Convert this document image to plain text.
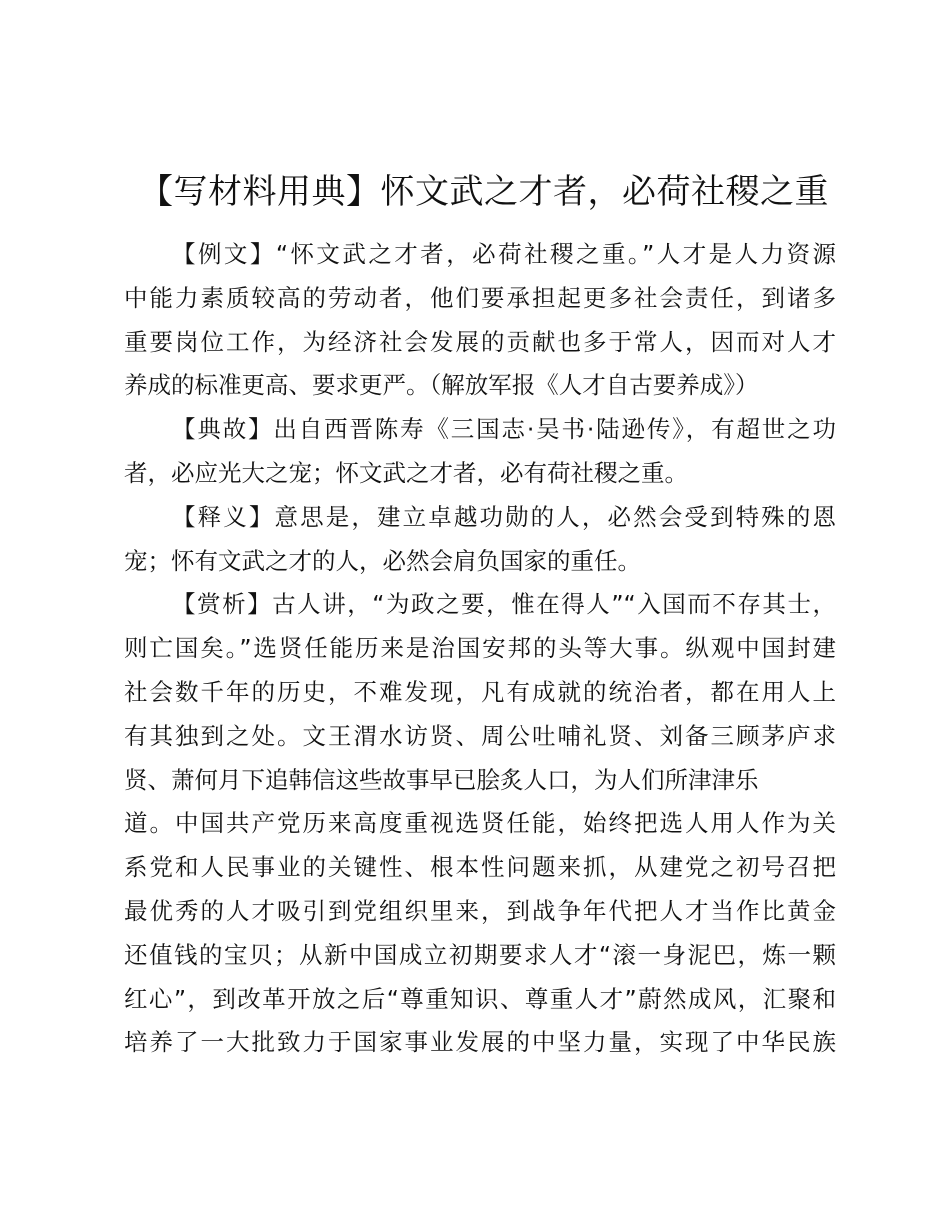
【写材料用典】怀文武之才者，必荷社稷之重
【例文】“怀文武之才者，必荷社稷之重。”人才是人力资源
中能力素质较高的劳动者，他们要承担起更多社会责任，到诸多
重要岗位工作，为经济社会发展的贡献也多于常人，因而对人才
养成的标准更高、要求更严。（解放军报《人才自古要养成》）
【典故】出自西晋陈寿《三国志·吴书·陆逊传》，有超世之功
者，必应光大之宠；怀文武之才者，必有荷社稷之重。
【释义】意思是，建立卓越功勋的人，必然会受到特殊的恩
宠；怀有文武之才的人，必然会肩负国家的重任。
【赏析】古人讲，“为政之要，惟在得人”“入国而不存其士，
则亡国矣。”选贤任能历来是治国安邦的头等大事。纵观中国封建
社会数千年的历史，不难发现，凡有成就的统治者，都在用人上
有其独到之处。文王渭水访贤、周公吐哺礼贤、刘备三顾茅庐求
贤、萧何月下追韩信这些故事早已脍炙人口，为人们所津津乐
道。中国共产党历来高度重视选贤任能，始终把选人用人作为关
系党和人民事业的关键性、根本性问题来抓，从建党之初号召把
最优秀的人才吸引到党组织里来，到战争年代把人才当作比黄金
还值钱的宝贝；从新中国成立初期要求人才“滚一身泥巴，炼一颗
红心”，到改革开放之后“尊重知识、尊重人才”蔚然成风，汇聚和
培养了一大批致力于国家事业发展的中坚力量，实现了中华民族
